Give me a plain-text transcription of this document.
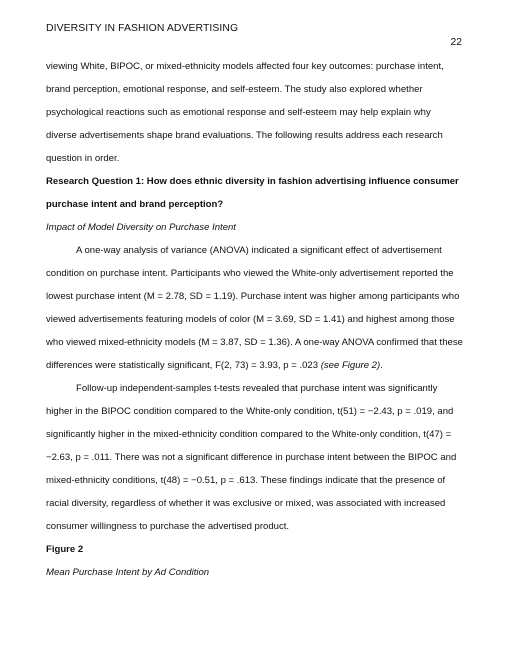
DIVERSITY IN FASHION ADVERTISING
22

viewing White, BIPOC, or mixed-ethnicity models affected four key outcomes: purchase intent, brand perception, emotional response, and self-esteem. The study also explored whether psychological reactions such as emotional response and self-esteem may help explain why diverse advertisements shape brand evaluations. The following results address each research question in order.

Research Question 1: How does ethnic diversity in fashion advertising influence consumer purchase intent and brand perception?

Impact of Model Diversity on Purchase Intent

A one-way analysis of variance (ANOVA) indicated a significant effect of advertisement condition on purchase intent. Participants who viewed the White-only advertisement reported the lowest purchase intent (M = 2.78, SD = 1.19). Purchase intent was higher among participants who viewed advertisements featuring models of color (M = 3.69, SD = 1.41) and highest among those who viewed mixed-ethnicity models (M = 3.87, SD = 1.36). A one-way ANOVA confirmed that these differences were statistically significant, F(2, 73) = 3.93, p = .023 (see Figure 2).

Follow-up independent-samples t-tests revealed that purchase intent was significantly higher in the BIPOC condition compared to the White-only condition, t(51) = −2.43, p = .019, and significantly higher in the mixed-ethnicity condition compared to the White-only condition, t(47) = −2.63, p = .011. There was not a significant difference in purchase intent between the BIPOC and mixed-ethnicity conditions, t(48) = −0.51, p = .613. These findings indicate that the presence of racial diversity, regardless of whether it was exclusive or mixed, was associated with increased consumer willingness to purchase the advertised product.

Figure 2

Mean Purchase Intent by Ad Condition
